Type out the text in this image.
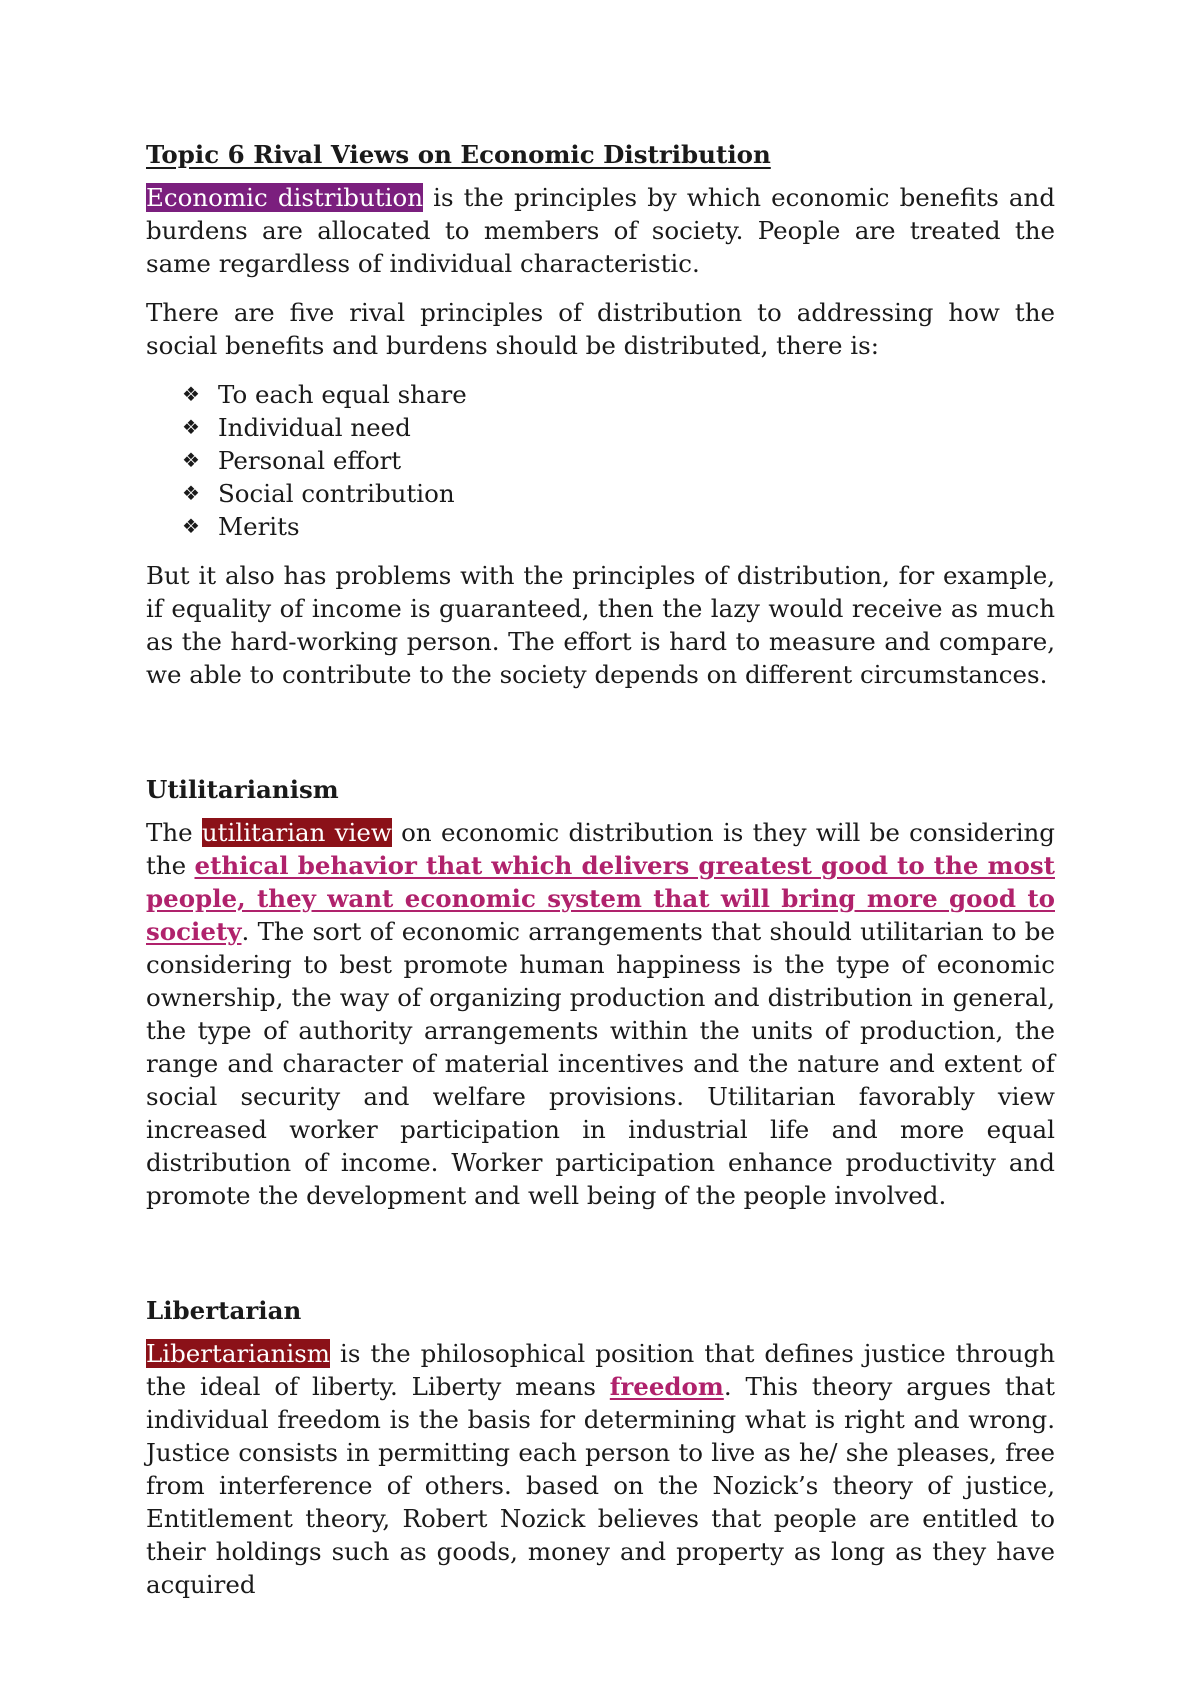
Topic 6 Rival Views on Economic Distribution

Economic distribution is the principles by which economic benefits and burdens are allocated to members of society. People are treated the same regardless of individual characteristic.

There are five rival principles of distribution to addressing how the social benefits and burdens should be distributed, there is:

❖ To each equal share
❖ Individual need
❖ Personal effort
❖ Social contribution
❖ Merits

But it also has problems with the principles of distribution, for example, if equality of income is guaranteed, then the lazy would receive as much as the hard-working person. The effort is hard to measure and compare, we able to contribute to the society depends on different circumstances.

Utilitarianism

The utilitarian view on economic distribution is they will be considering the ethical behavior that which delivers greatest good to the most people, they want economic system that will bring more good to society. The sort of economic arrangements that should utilitarian to be considering to best promote human happiness is the type of economic ownership, the way of organizing production and distribution in general, the type of authority arrangements within the units of production, the range and character of material incentives and the nature and extent of social security and welfare provisions. Utilitarian favorably view increased worker participation in industrial life and more equal distribution of income. Worker participation enhance productivity and promote the development and well being of the people involved.

Libertarian

Libertarianism is the philosophical position that defines justice through the ideal of liberty. Liberty means freedom. This theory argues that individual freedom is the basis for determining what is right and wrong. Justice consists in permitting each person to live as he/ she pleases, free from interference of others. based on the Nozick’s theory of justice, Entitlement theory, Robert Nozick believes that people are entitled to their holdings such as goods, money and property as long as they have acquired
